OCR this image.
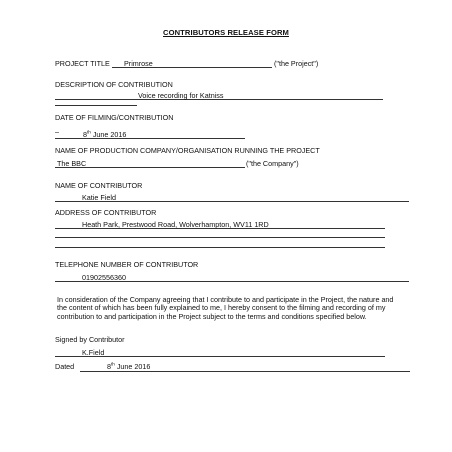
CONTRIBUTORS RELEASE FORM
PROJECT TITLE Primrose	("the Project")
DESCRIPTION OF CONTRIBUTION
Voice recording for Katniss
DATE OF FILMING/CONTRIBUTION
–	8th June 2016
NAME OF PRODUCTION COMPANY/ORGANISATION RUNNING THE PROJECT
The BBC	("the Company")
NAME OF CONTRIBUTOR
Katie Field
ADDRESS OF CONTRIBUTOR
Heath Park, Prestwood Road, Wolverhampton, WV11 1RD
TELEPHONE NUMBER OF CONTRIBUTOR
01902556360
In consideration of the Company agreeing that I contribute to and participate in the Project, the nature and the content of which has been fully explained to me, I hereby consent to the filming and recording of my contribution to and participation in the Project subject to the terms and conditions specified below.
Signed by Contributor
K.Field
Dated	8th June 2016
